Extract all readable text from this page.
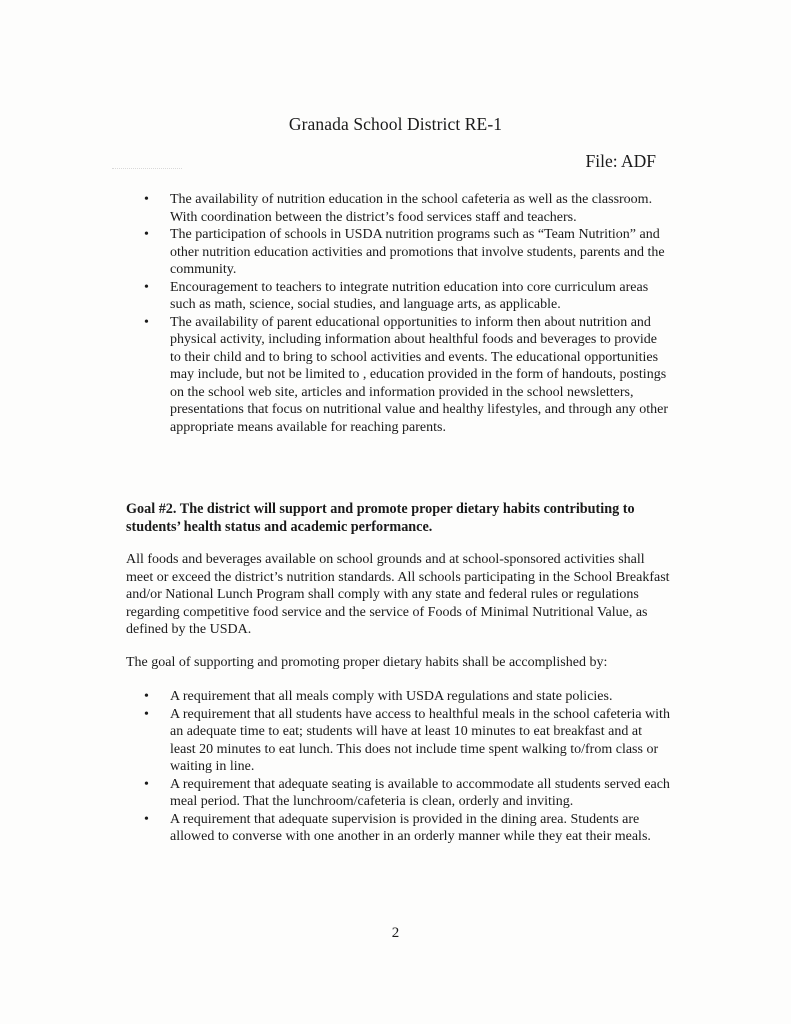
Granada School District RE-1
File: ADF
• The availability of nutrition education in the school cafeteria as well as the classroom. With coordination between the district’s food services staff and teachers.
• The participation of schools in USDA nutrition programs such as “Team Nutrition” and other nutrition education activities and promotions that involve students, parents and the community.
• Encouragement to teachers to integrate nutrition education into core curriculum areas such as math, science, social studies, and language arts, as applicable.
• The availability of parent educational opportunities to inform then about nutrition and physical activity, including information about healthful foods and beverages to provide to their child and to bring to school activities and events. The educational opportunities may include, but not be limited to , education provided in the form of handouts, postings on the school web site, articles and information provided in the school newsletters, presentations that focus on nutritional value and healthy lifestyles, and through any other appropriate means available for reaching parents.
Goal #2. The district will support and promote proper dietary habits contributing to students’ health status and academic performance.

All foods and beverages available on school grounds and at school-sponsored activities shall meet or exceed the district’s nutrition standards. All schools participating in the School Breakfast and/or National Lunch Program shall comply with any state and federal rules or regulations regarding competitive food service and the service of Foods of Minimal Nutritional Value, as defined by the USDA.

The goal of supporting and promoting proper dietary habits shall be accomplished by:

• A requirement that all meals comply with USDA regulations and state policies.
• A requirement that all students have access to healthful meals in the school cafeteria with an adequate time to eat; students will have at least 10 minutes to eat breakfast and at least 20 minutes to eat lunch. This does not include time spent walking to/from class or waiting in line.
• A requirement that adequate seating is available to accommodate all students served each meal period. That the lunchroom/cafeteria is clean, orderly and inviting.
• A requirement that adequate supervision is provided in the dining area. Students are allowed to converse with one another in an orderly manner while they eat their meals.
2
